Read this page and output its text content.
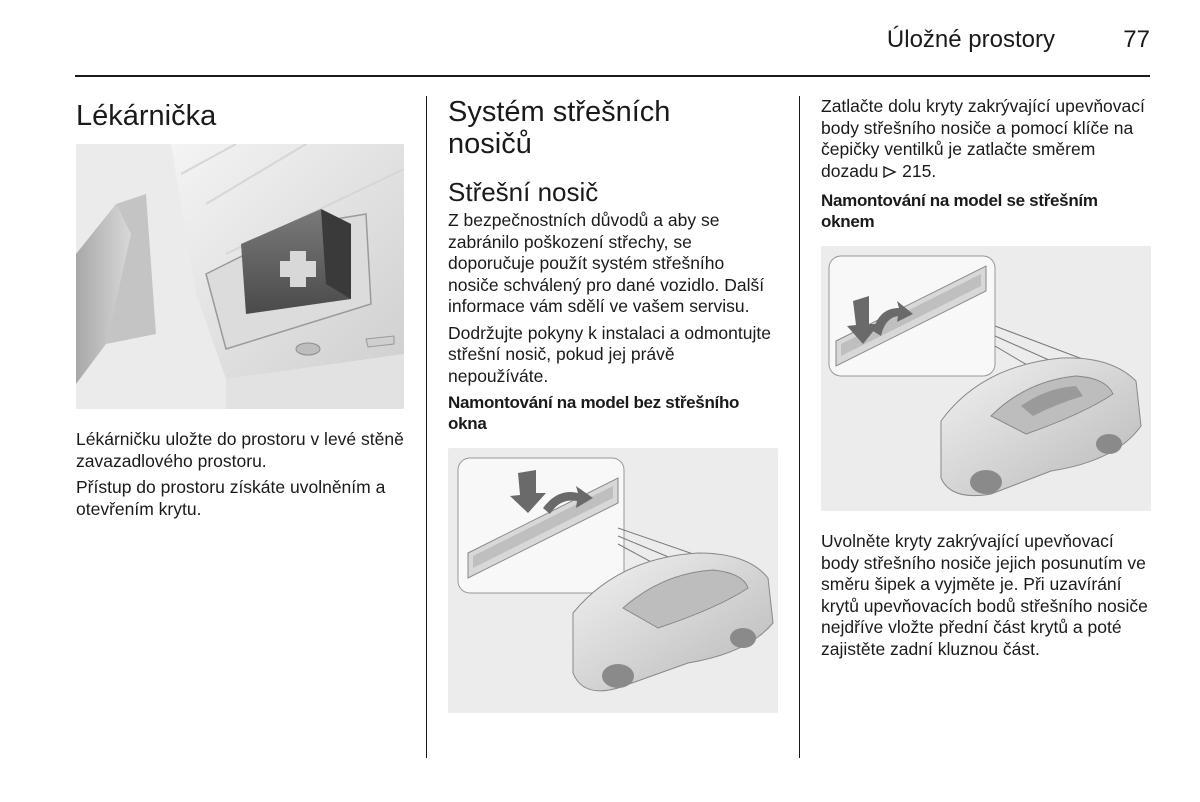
Úložné prostory	77
Lékárnička

Lékárničku uložte do prostoru v levé stěně zavazadlového prostoru.

Přístup do prostoru získáte uvolněním a otevřením krytu.

Systém střešních
nosičů
Střešní nosič

Z bezpečnostních důvodů a aby se zabránilo poškození střechy, se doporučuje použít systém střešního nosiče schválený pro dané vozidlo. Další informace vám sdělí ve vašem servisu.

Dodržujte pokyny k instalaci a odmontujte střešní nosič, pokud jej právě nepoužíváte.

Namontování na model bez střešního
okna

Zatlačte dolu kryty zakrývající upevňovací body střešního nosiče a pomocí klíče na čepičky ventilků je zatlačte směrem dozadu 215.

Namontování na model se střešním
oknem

Uvolněte kryty zakrývající upevňovací body střešního nosiče jejich posunutím ve směru šipek a vyjměte je. Při uzavírání krytů upevňovacích bodů střešního nosiče nejdříve vložte přední část krytů a poté zajistěte zadní kluznou část.
